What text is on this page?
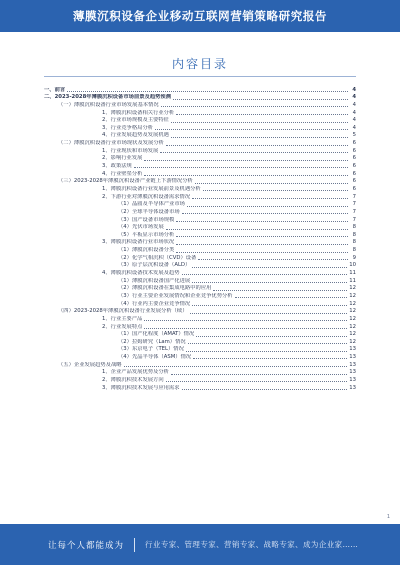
薄膜沉积设备企业移动互联网营销策略研究报告
内容目录
一、前言	4
二、2023-2028年薄膜沉积设备市场前景及趋势预测	4
（一）薄膜沉积设备行业市场发展基本情况	4
1、薄膜沉积设备相关行业分析	4
2、行业市场规模及主要特征	4
3、行业竞争格局分析	4
4、行业发展趋势及发展机遇	5
（二）薄膜沉积设备行业市场现状及发展分析	6
1、行业现状和市场发展	6
2、影响行业发展	6
3、政策法规	6
4、行业壁垒分析	6
（三）2023-2028年薄膜沉积设备产业链上下游情况分析	6
1、薄膜沉积设备行业发展前景及机遇分析	6
2、下游行业对薄膜沉积设备需求情况	7
（1）晶圆及半导体产业市场	7
（2）全球半导体设备市场	7
（3）国产设备市场规模	7
（4）光伏市场发展	8
（5）平板显示市场分析	8
3、薄膜沉积设备行业市场状况	8
（1）薄膜沉积设备分类	8
（2）化学气相沉积（CVD）设备	9
（3）原子层沉积设备（ALD）	10
4、薄膜沉积设备技术发展及趋势	11
（1）薄膜沉积设备国产化进展	11
（2）薄膜沉积设备在集成电路中的应用	12
（3）行业主要企业发展情况和企业竞争优势分析	12
（4）行业内主要企业竞争情况	12
（四）2023-2028年薄膜沉积设备行业发展分析（续）	12
1、行业主要产品	12
2、行业发展特点	12
（1）国产化程度（AMAT）情况	12
（2）拉姆研究（Lam）情况	12
（3）东京电子（TEL）情况	13
（4）先晶半导体（ASM）情况	13
（五）企业发展趋势及战略	13
1、企业产品发展优势及分析	13
2、薄膜沉积技术发展方向	13
3、薄膜沉积技术发展与应用需求	13
1
让每个人都能成为	行业专家、管理专家、营销专家、战略专家、成为企业家……
